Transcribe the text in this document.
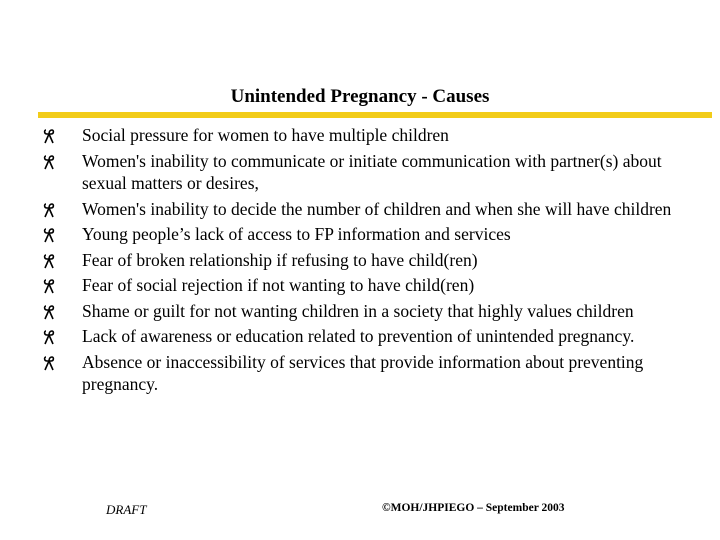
Unintended Pregnancy - Causes
Social pressure for women to have multiple children
Women's inability to communicate or initiate communication with partner(s) about sexual matters or desires,
Women's inability to decide the number of children and when she will have children
Young people’s lack of access to FP information and services
Fear of broken relationship if refusing to have child(ren)
Fear of social rejection if not wanting to have child(ren)
Shame or guilt for not wanting children in a society that highly values children
Lack of awareness or education related to prevention of unintended pregnancy.
Absence or inaccessibility of services that provide information about preventing pregnancy.
DRAFT	©MOH/JHPIEGO – September 2003
